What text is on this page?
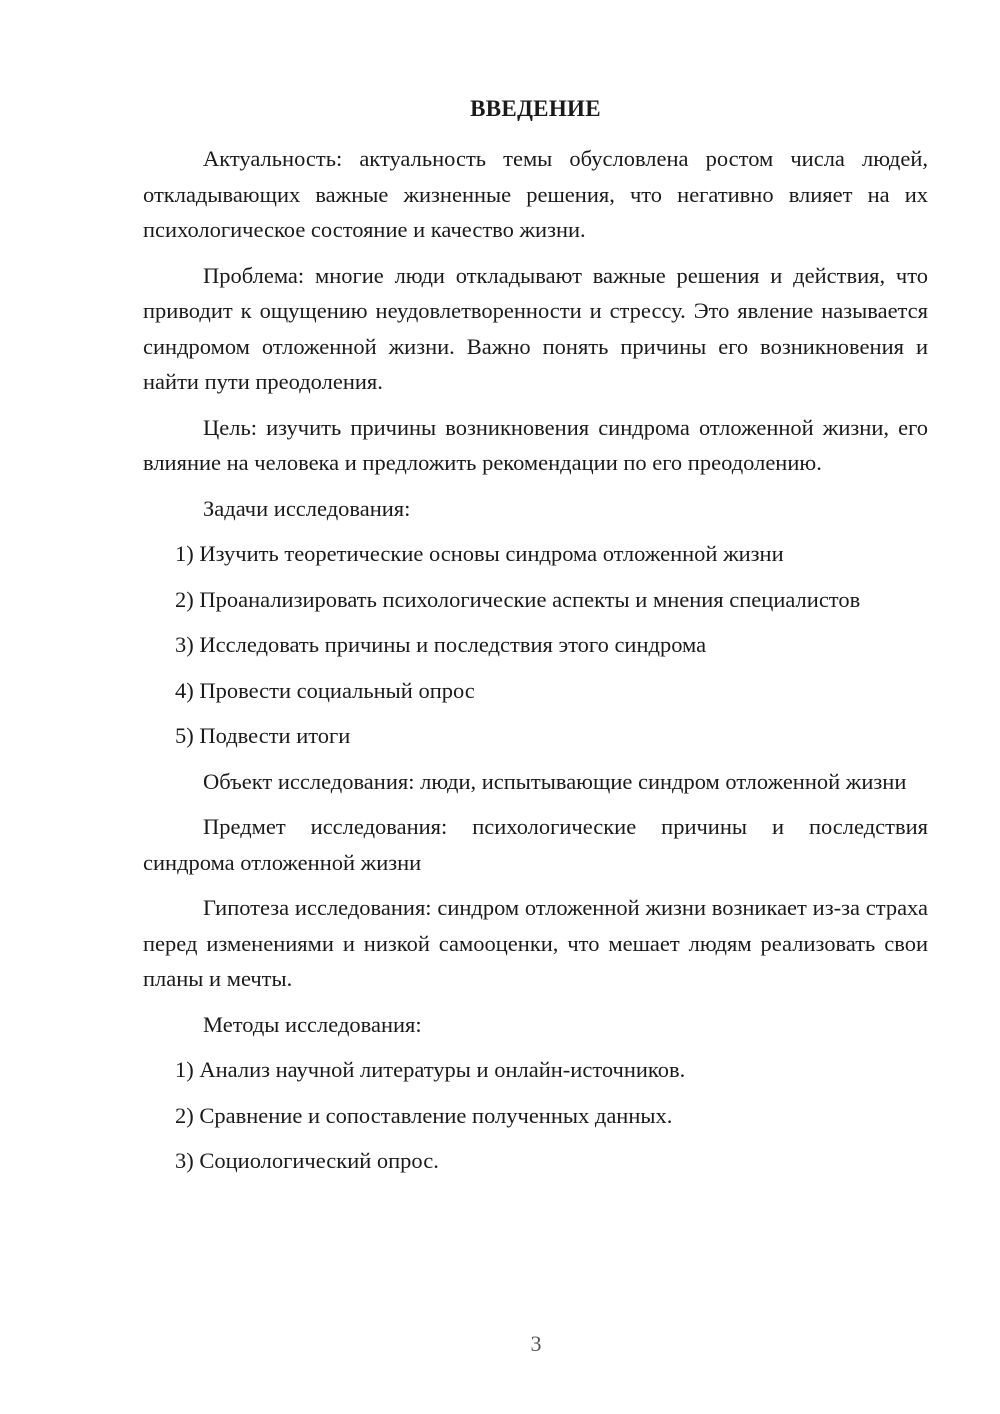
ВВЕДЕНИЕ

Актуальность: актуальность темы обусловлена ростом числа людей, откладывающих важные жизненные решения, что негативно влияет на их психологическое состояние и качество жизни.

Проблема: многие люди откладывают важные решения и действия, что приводит к ощущению неудовлетворенности и стрессу. Это явление называется синдромом отложенной жизни. Важно понять причины его возникновения и найти пути преодоления.

Цель: изучить причины возникновения синдрома отложенной жизни, его влияние на человека и предложить рекомендации по его преодолению.

Задачи исследования:

1) Изучить теоретические основы синдрома отложенной жизни

2) Проанализировать психологические аспекты и мнения специалистов

3) Исследовать причины и последствия этого синдрома

4) Провести социальный опрос

5) Подвести итоги

Объект исследования: люди, испытывающие синдром отложенной жизни

Предмет исследования: психологические причины и последствия синдрома отложенной жизни

Гипотеза исследования: синдром отложенной жизни возникает из-за страха перед изменениями и низкой самооценки, что мешает людям реализовать свои планы и мечты.

Методы исследования:

1) Анализ научной литературы и онлайн-источников.

2) Сравнение и сопоставление полученных данных.

3) Социологический опрос.

3
